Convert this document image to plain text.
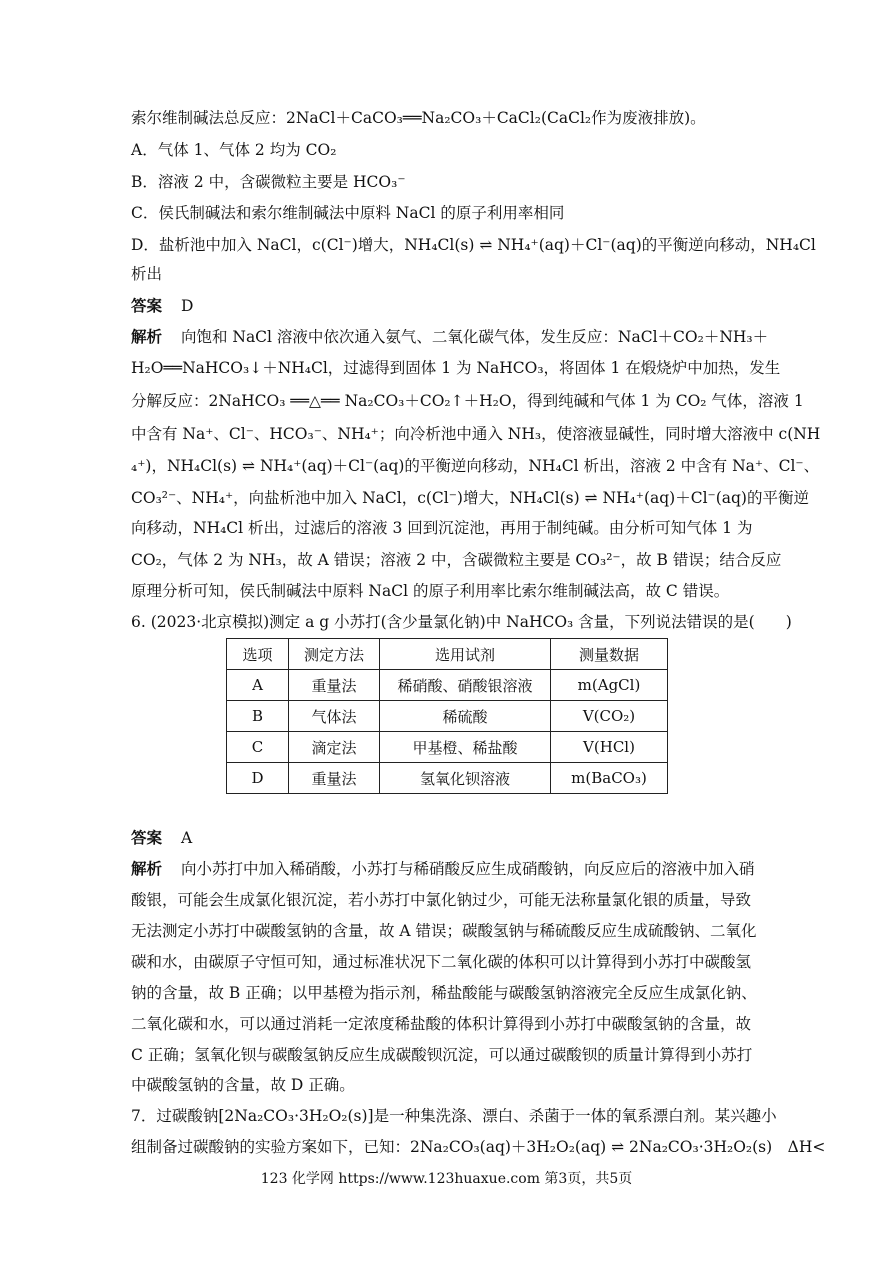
索尔维制碱法总反应：2NaCl＋CaCO₃══Na₂CO₃＋CaCl₂(CaCl₂作为废液排放)。
A．气体 1、气体 2 均为 CO₂
B．溶液 2 中，含碳微粒主要是 HCO₃⁻
C．侯氏制碱法和索尔维制碱法中原料 NaCl 的原子利用率相同
D．盐析池中加入 NaCl，c(Cl⁻)增大，NH₄Cl(s) ⇌ NH₄⁺(aq)＋Cl⁻(aq)的平衡逆向移动，NH₄Cl
析出
答案 D
解析 向饱和 NaCl 溶液中依次通入氨气、二氧化碳气体，发生反应：NaCl＋CO₂＋NH₃＋
H₂O══NaHCO₃↓＋NH₄Cl，过滤得到固体 1 为 NaHCO₃，将固体 1 在煅烧炉中加热，发生
分解反应：2NaHCO₃ ══△══ Na₂CO₃＋CO₂↑＋H₂O，得到纯碱和气体 1 为 CO₂ 气体，溶液 1
中含有 Na⁺、Cl⁻、HCO₃⁻、NH₄⁺；向冷析池中通入 NH₃，使溶液显碱性，同时增大溶液中 c(NH
₄⁺)，NH₄Cl(s) ⇌ NH₄⁺(aq)＋Cl⁻(aq)的平衡逆向移动，NH₄Cl 析出，溶液 2 中含有 Na⁺、Cl⁻、
CO₃²⁻、NH₄⁺，向盐析池中加入 NaCl，c(Cl⁻)增大，NH₄Cl(s) ⇌ NH₄⁺(aq)＋Cl⁻(aq)的平衡逆
向移动，NH₄Cl 析出，过滤后的溶液 3 回到沉淀池，再用于制纯碱。由分析可知气体 1 为
CO₂，气体 2 为 NH₃，故 A 错误；溶液 2 中，含碳微粒主要是 CO₃²⁻，故 B 错误；结合反应
原理分析可知，侯氏制碱法中原料 NaCl 的原子利用率比索尔维制碱法高，故 C 错误。
6. (2023·北京模拟)测定 a g 小苏打(含少量氯化钠)中 NaHCO₃ 含量，下列说法错误的是(　　)
选项	测定方法	选用试剂	测量数据
A	重量法	稀硝酸、硝酸银溶液	m(AgCl)
B	气体法	稀硫酸	V(CO₂)
C	滴定法	甲基橙、稀盐酸	V(HCl)
D	重量法	氢氧化钡溶液	m(BaCO₃)
答案 A
解析 向小苏打中加入稀硝酸，小苏打与稀硝酸反应生成硝酸钠，向反应后的溶液中加入硝
酸银，可能会生成氯化银沉淀，若小苏打中氯化钠过少，可能无法称量氯化银的质量，导致
无法测定小苏打中碳酸氢钠的含量，故 A 错误；碳酸氢钠与稀硫酸反应生成硫酸钠、二氧化
碳和水，由碳原子守恒可知，通过标准状况下二氧化碳的体积可以计算得到小苏打中碳酸氢
钠的含量，故 B 正确；以甲基橙为指示剂，稀盐酸能与碳酸氢钠溶液完全反应生成氯化钠、
二氧化碳和水，可以通过消耗一定浓度稀盐酸的体积计算得到小苏打中碳酸氢钠的含量，故
C 正确；氢氧化钡与碳酸氢钠反应生成碳酸钡沉淀，可以通过碳酸钡的质量计算得到小苏打
中碳酸氢钠的含量，故 D 正确。
7．过碳酸钠[2Na₂CO₃·3H₂O₂(s)]是一种集洗涤、漂白、杀菌于一体的氧系漂白剂。某兴趣小
组制备过碳酸钠的实验方案如下，已知：2Na₂CO₃(aq)＋3H₂O₂(aq) ⇌ 2Na₂CO₃·3H₂O₂(s)　ΔH<
123 化学网 https://www.123huaxue.com 第3页，共5页
